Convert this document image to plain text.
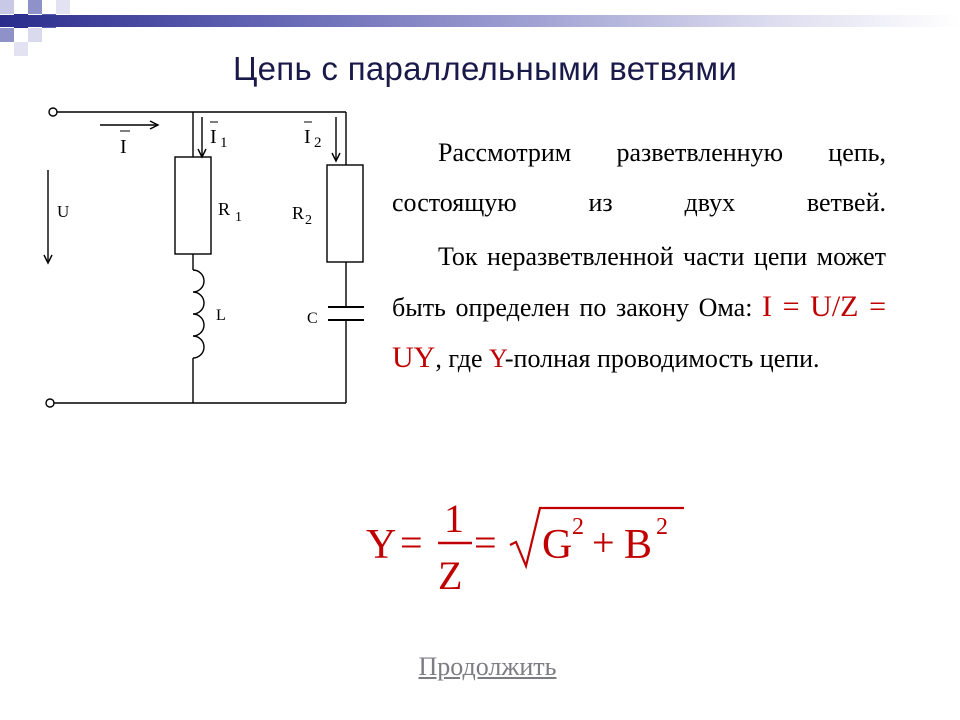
Цепь с параллельными ветвями
I	I 1	I 2
U	R 1	R 2
L	C

Рассмотрим разветвленную цепь, состоящую из двух ветвей.

Ток неразветвленной части цепи может быть определен по закону Ома: I = U/Z = UY, где Y-полная проводимость цепи.

Y =
1
Z
= G 2 + B 2
Продолжить
